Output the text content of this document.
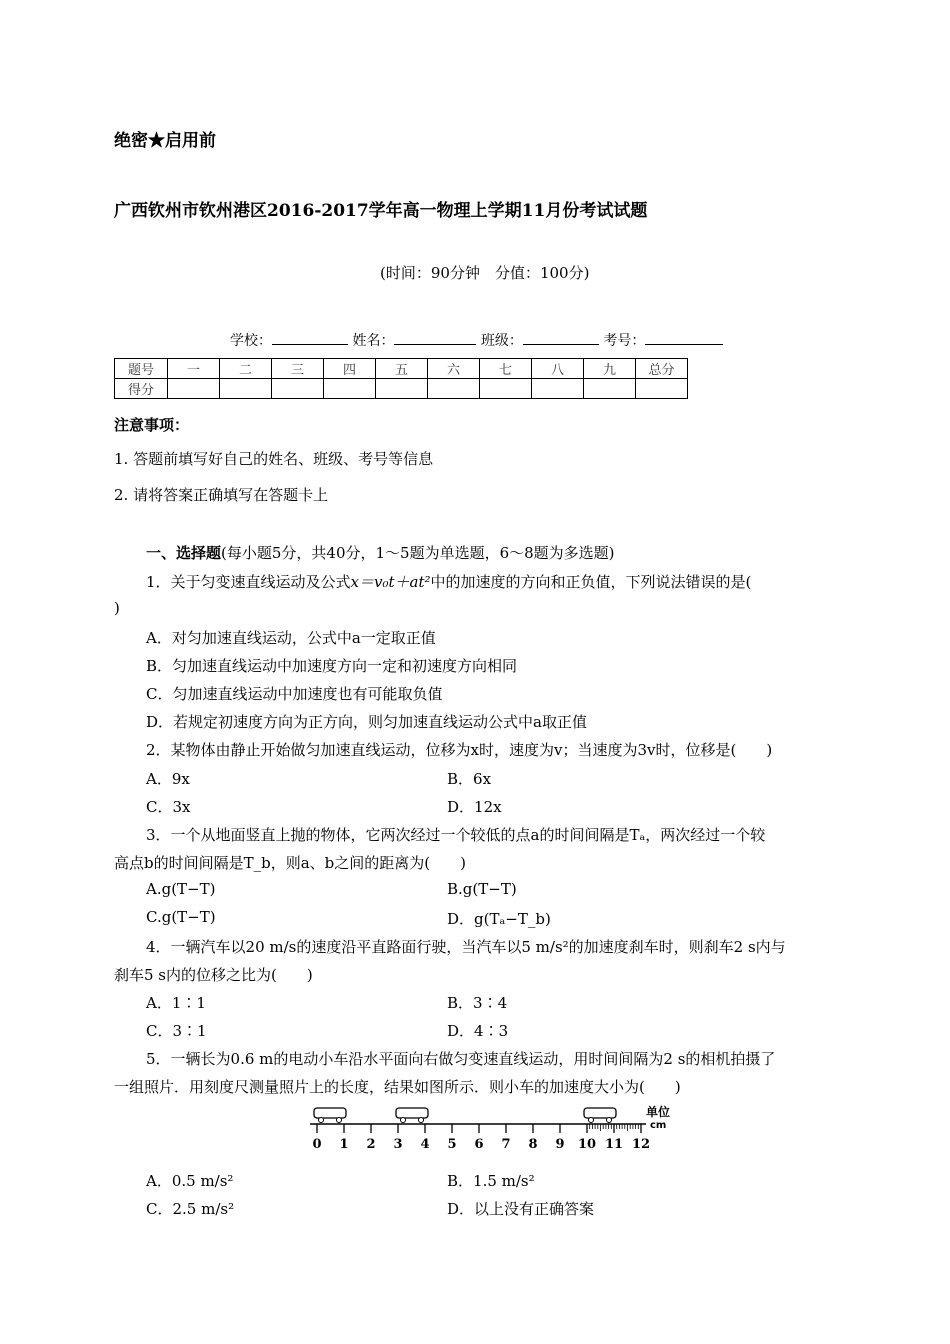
绝密★启用前
广西钦州市钦州港区2016-2017学年高一物理上学期11月份考试试题
(时间：90分钟　分值：100分)
学校：	姓名：	班级：	考号：
题号	一	二	三	四	五	六	七	八	九	总分
得分										
注意事项：
1. 答题前填写好自己的姓名、班级、考号等信息
2. 请将答案正确填写在答题卡上
一、选择题(每小题5分，共40分，1～5题为单选题，6～8题为多选题)
1．关于匀变速直线运动及公式x＝v₀t＋at²中的加速度的方向和正负值，下列说法错误的是(
)
A．对匀加速直线运动，公式中a一定取正值
B．匀加速直线运动中加速度方向一定和初速度方向相同
C．匀加速直线运动中加速度也有可能取负值
D．若规定初速度方向为正方向，则匀加速直线运动公式中a取正值
2．某物体由静止开始做匀加速直线运动，位移为x时，速度为v；当速度为3v时，位移是(　　)
A．9x	B．6x
C．3x	D．12x
3．一个从地面竖直上抛的物体，它两次经过一个较低的点a的时间间隔是Tₐ，两次经过一个较
高点b的时间间隔是T_b，则a、b之间的距离为(　　)
A.g(T−T)	B.g(T−T)
C.g(T−T)	D．g(Tₐ−T_b)
4．一辆汽车以20 m/s的速度沿平直路面行驶，当汽车以5 m/s²的加速度刹车时，则刹车2 s内与
刹车5 s内的位移之比为(　　)
A．1∶1	B．3∶4
C．3∶1	D．4∶3
5．一辆长为0.6 m的电动小车沿水平面向右做匀变速直线运动，用时间间隔为2 s的相机拍摄了
一组照片．用刻度尺测量照片上的长度，结果如图所示．则小车的加速度大小为(　　)
0 1 2 3 4 5 6 7 8 9 10 11 12
单位
cm
A．0.5 m/s²	B．1.5 m/s²
C．2.5 m/s²	D．以上没有正确答案
